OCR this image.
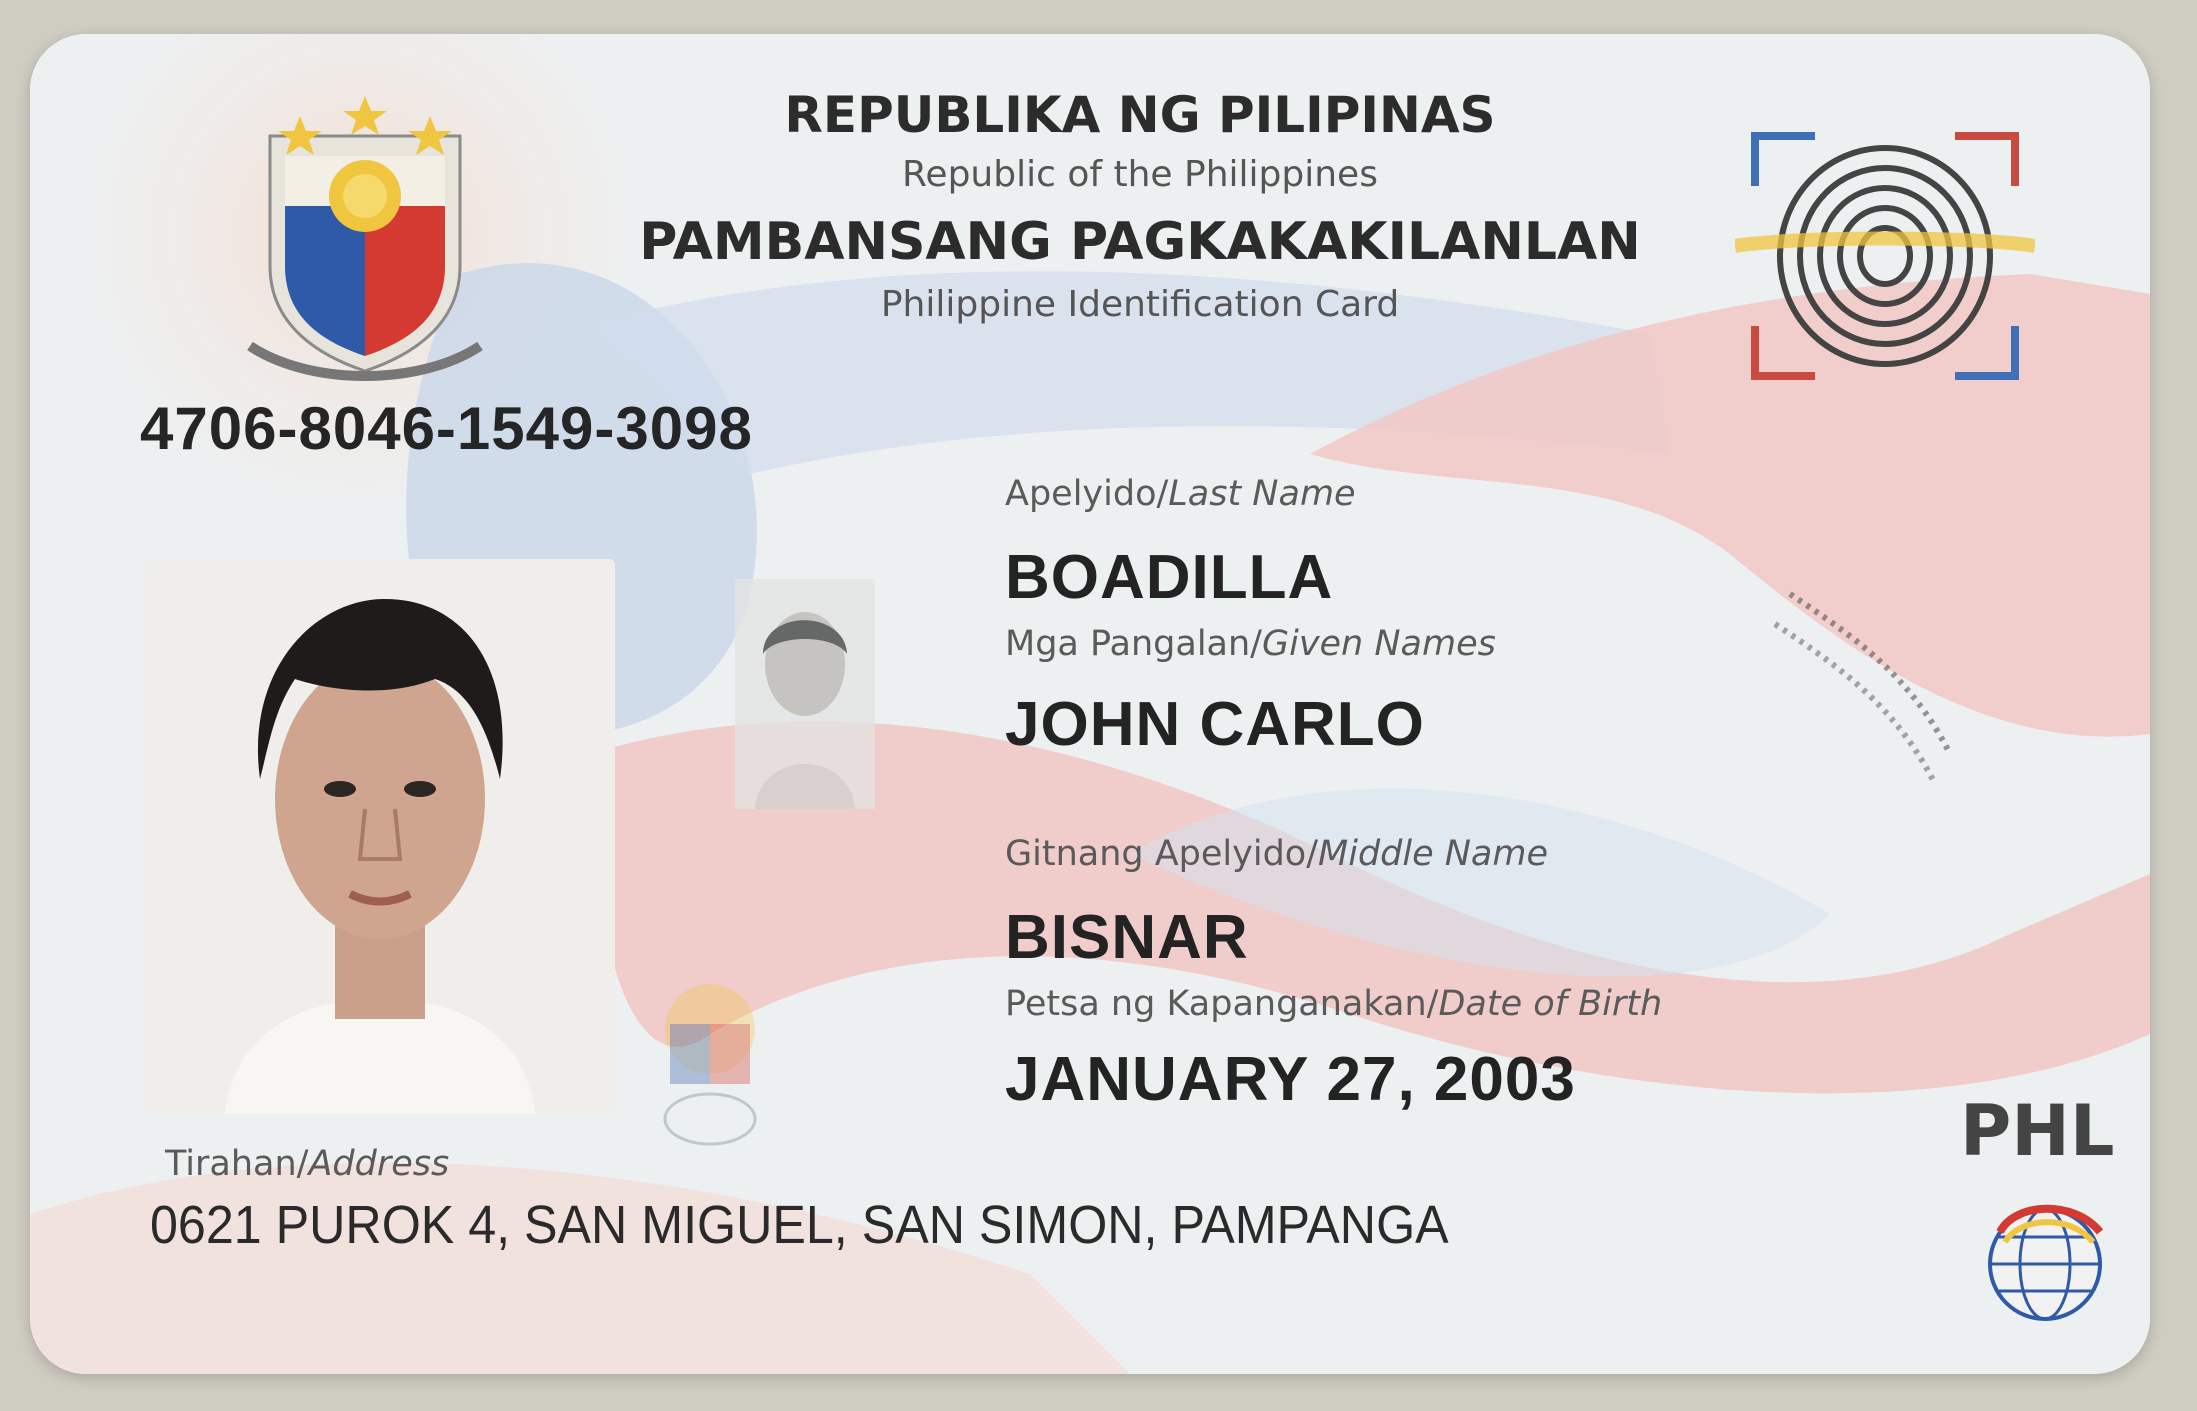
REPUBLIKA NG PILIPINAS

Republic of the Philippines

PAMBANSANG PAGKAKAKILANLAN

Philippine Identification Card

4706-8046-1549-3098

Apelyido/Last Name

BOADILLA

Mga Pangalan/Given Names

JOHN CARLO

Gitnang Apelyido/Middle Name

BISNAR

Petsa ng Kapanganakan/Date of Birth

JANUARY 27, 2003

Tirahan/Address

0621 PUROK 4, SAN MIGUEL, SAN SIMON, PAMPANGA

PHL
